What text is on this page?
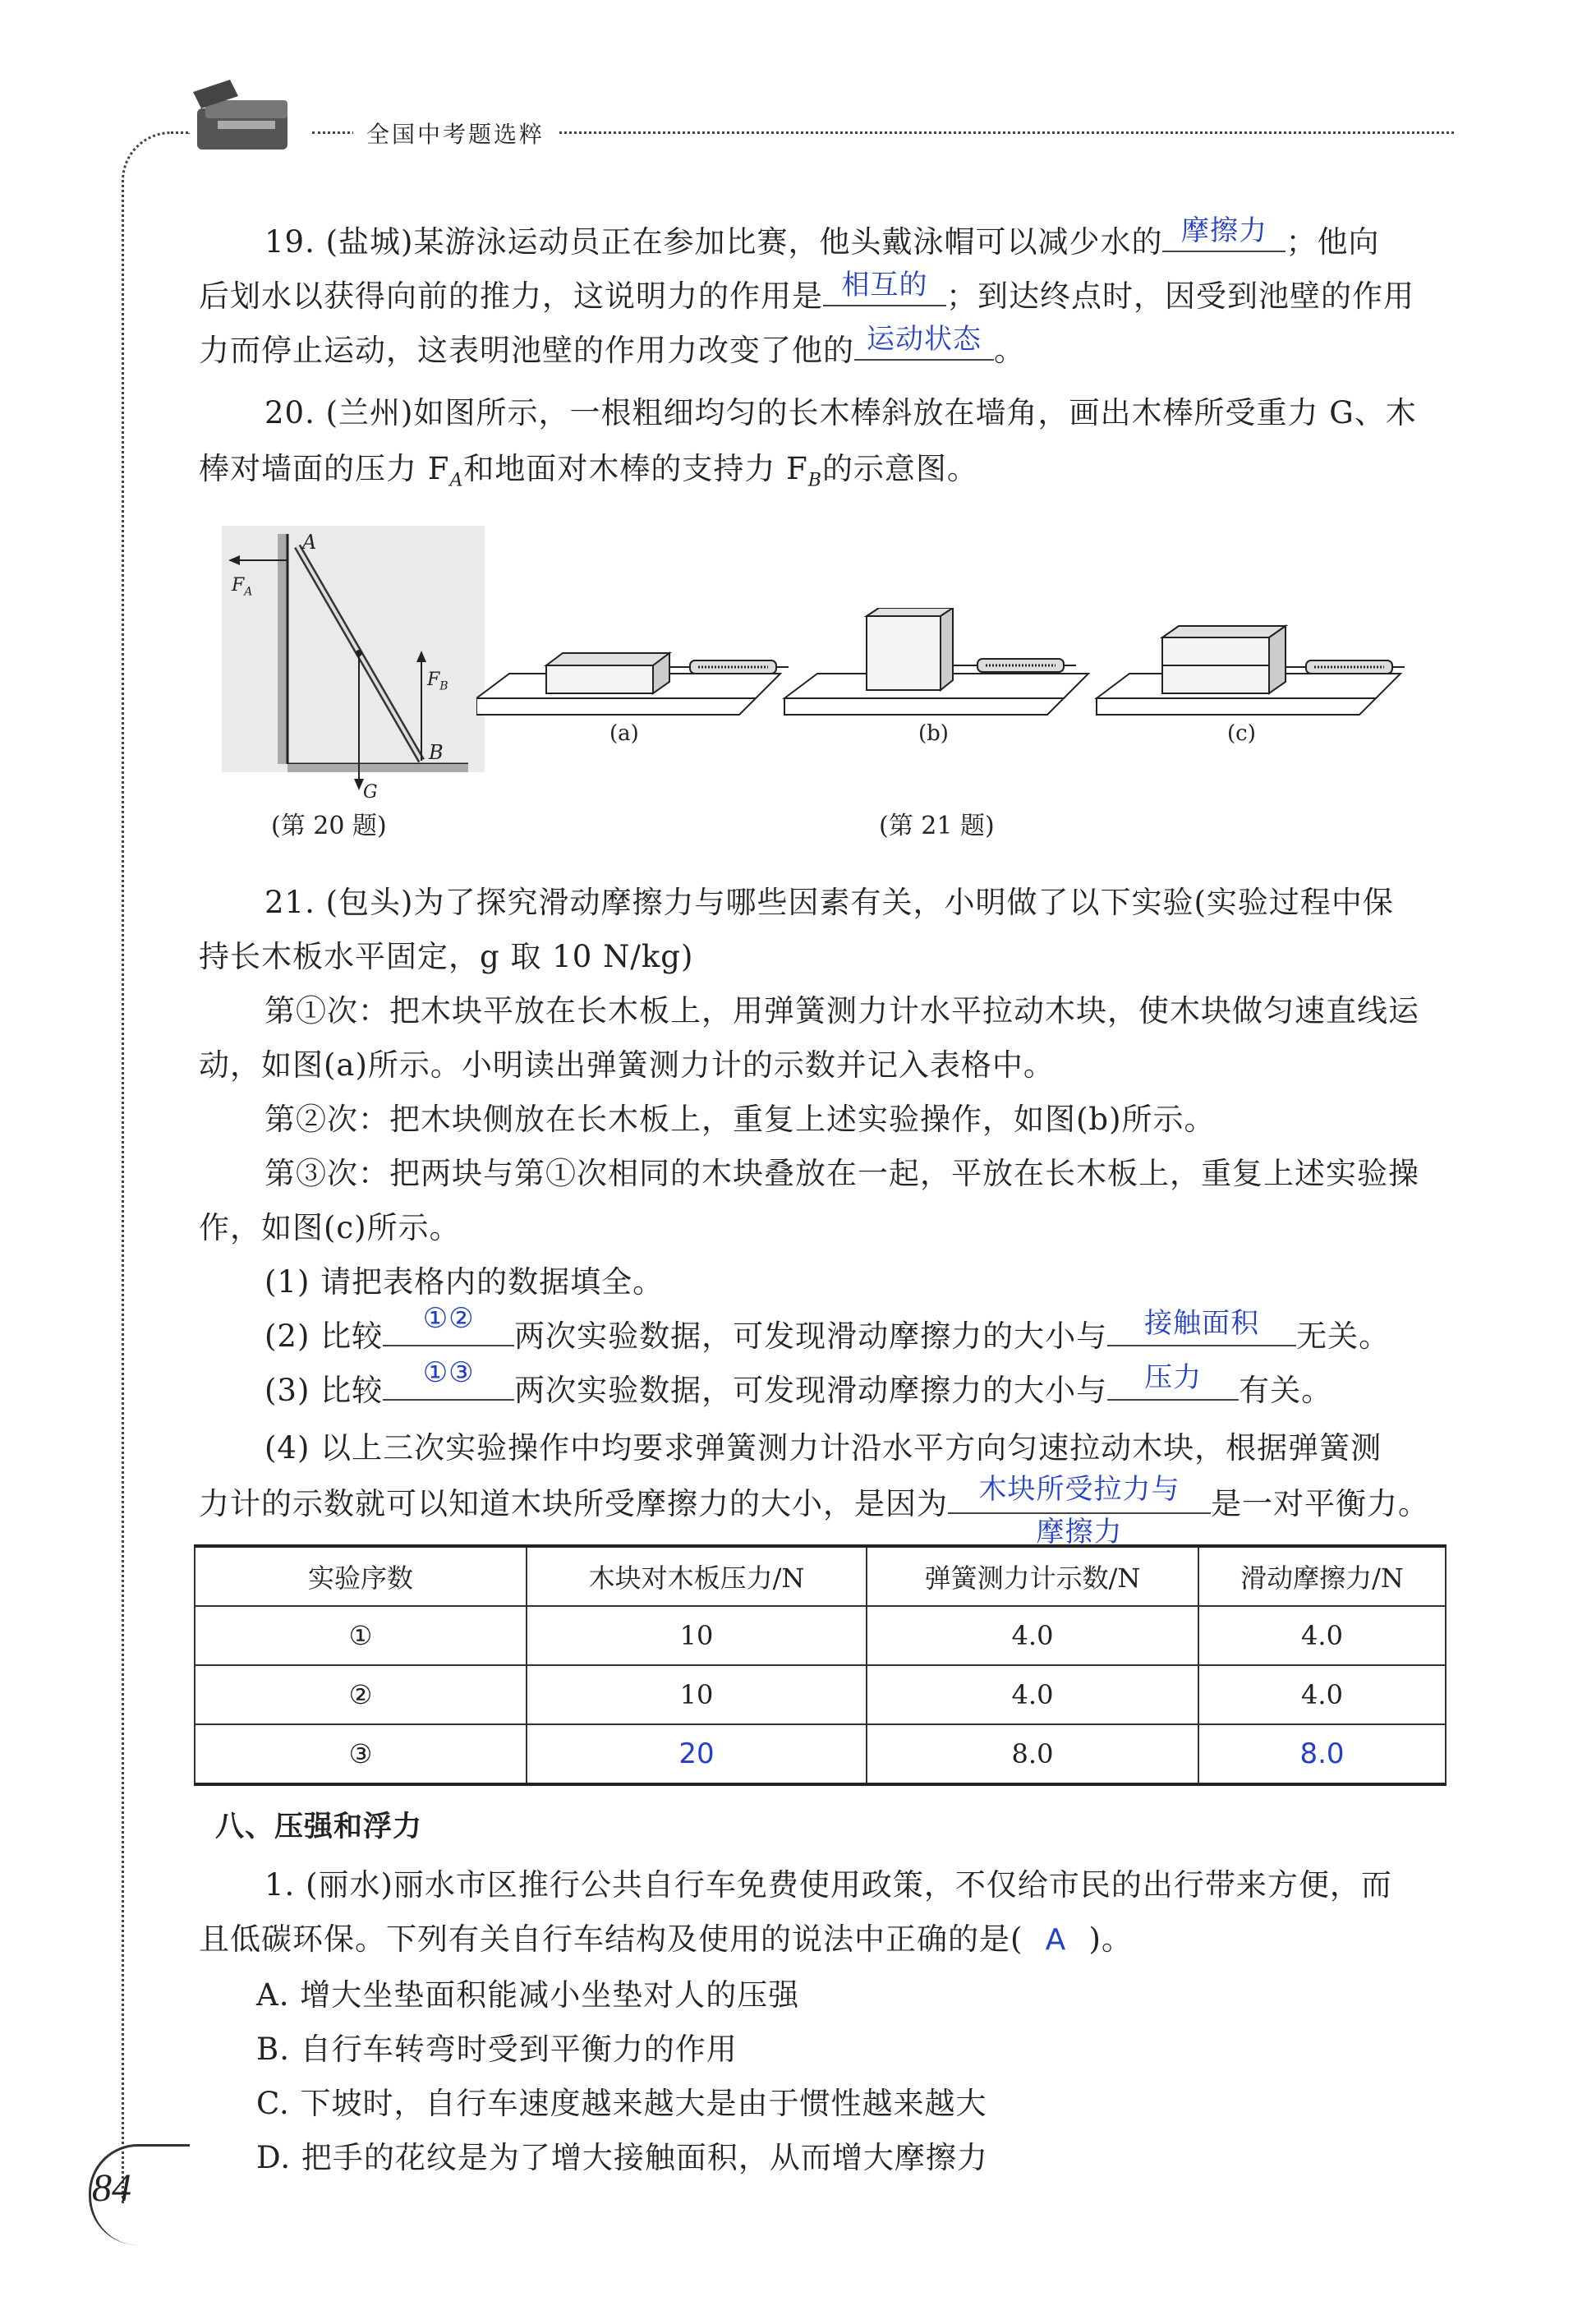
全国中考题选粹
19. (盐城)某游泳运动员正在参加比赛，他头戴泳帽可以减少水的 摩擦力 ；他向
后划水以获得向前的推力，这说明力的作用是 相互的 ；到达终点时，因受到池壁的作用
力而停止运动，这表明池壁的作用力改变了他的 运动状态 。
20. (兰州)如图所示，一根粗细均匀的长木棒斜放在墙角，画出木棒所受重力 G、木
棒对墙面的压力 $F_A$和地面对木棒的支持力 $F_B$的示意图。
A
B
$F_A$
$F_B$
G
(第 20 题)
(a)	(b)	(c)
(第 21 题)
21. (包头)为了探究滑动摩擦力与哪些因素有关，小明做了以下实验(实验过程中保
持长木板水平固定，g 取 10 N/kg)
第①次：把木块平放在长木板上，用弹簧测力计水平拉动木块，使木块做匀速直线运
动，如图(a)所示。小明读出弹簧测力计的示数并记入表格中。
第②次：把木块侧放在长木板上，重复上述实验操作，如图(b)所示。
第③次：把两块与第①次相同的木块叠放在一起，平放在长木板上，重复上述实验操
作，如图(c)所示。
(1) 请把表格内的数据填全。
(2) 比较	①②	两次实验数据，可发现滑动摩擦力的大小与	接触面积	无关。
(3) 比较	①③	两次实验数据，可发现滑动摩擦力的大小与	压力	有关。
(4) 以上三次实验操作中均要求弹簧测力计沿水平方向匀速拉动木块，根据弹簧测
力计的示数就可以知道木块所受摩擦力的大小，是因为	木块所受拉力与
摩擦力
是一对平衡力。
实验序数	木块对木板压力/N	弹簧测力计示数/N	滑动摩擦力/N
①	10	4.0	4.0
②	10	4.0	4.0
③	20	8.0	8.0
八、压强和浮力
1. (丽水)丽水市区推行公共自行车免费使用政策，不仅给市民的出行带来方便，而
且低碳环保。下列有关自行车结构及使用的说法中正确的是( A )。
A. 增大坐垫面积能减小坐垫对人的压强
B. 自行车转弯时受到平衡力的作用
C. 下坡时，自行车速度越来越大是由于惯性越来越大
D. 把手的花纹是为了增大接触面积，从而增大摩擦力
84
